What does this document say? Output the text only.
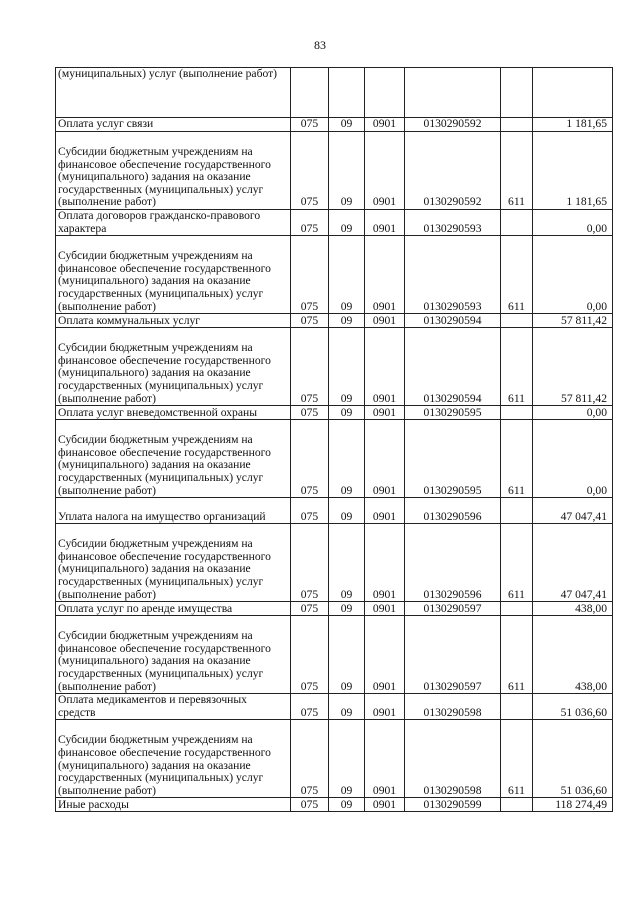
83
(муниципальных) услуг (выполнение работ)						
Оплата услуг связи	075	09	0901	0130290592		1 181,65
Субсидии бюджетным учреждениям на финансовое обеспечение государственного (муниципального) задания на оказание государственных (муниципальных) услуг (выполнение работ)	075	09	0901	0130290592	611	1 181,65
Оплата договоров гражданско-правового характера	075	09	0901	0130290593		0,00
Субсидии бюджетным учреждениям на финансовое обеспечение государственного (муниципального) задания на оказание государственных (муниципальных) услуг (выполнение работ)	075	09	0901	0130290593	611	0,00
Оплата коммунальных услуг	075	09	0901	0130290594		57 811,42
Субсидии бюджетным учреждениям на финансовое обеспечение государственного (муниципального) задания на оказание государственных (муниципальных) услуг (выполнение работ)	075	09	0901	0130290594	611	57 811,42
Оплата услуг вневедомственной охраны	075	09	0901	0130290595		0,00
Субсидии бюджетным учреждениям на финансовое обеспечение государственного (муниципального) задания на оказание государственных (муниципальных) услуг (выполнение работ)	075	09	0901	0130290595	611	0,00
Уплата налога на имущество организаций	075	09	0901	0130290596		47 047,41
Субсидии бюджетным учреждениям на финансовое обеспечение государственного (муниципального) задания на оказание государственных (муниципальных) услуг (выполнение работ)	075	09	0901	0130290596	611	47 047,41
Оплата услуг по аренде имущества	075	09	0901	0130290597		438,00
Субсидии бюджетным учреждениям на финансовое обеспечение государственного (муниципального) задания на оказание государственных (муниципальных) услуг (выполнение работ)	075	09	0901	0130290597	611	438,00
Оплата медикаментов и перевязочных средств	075	09	0901	0130290598		51 036,60
Субсидии бюджетным учреждениям на финансовое обеспечение государственного (муниципального) задания на оказание государственных (муниципальных) услуг (выполнение работ)	075	09	0901	0130290598	611	51 036,60
Иные расходы	075	09	0901	0130290599		118 274,49
